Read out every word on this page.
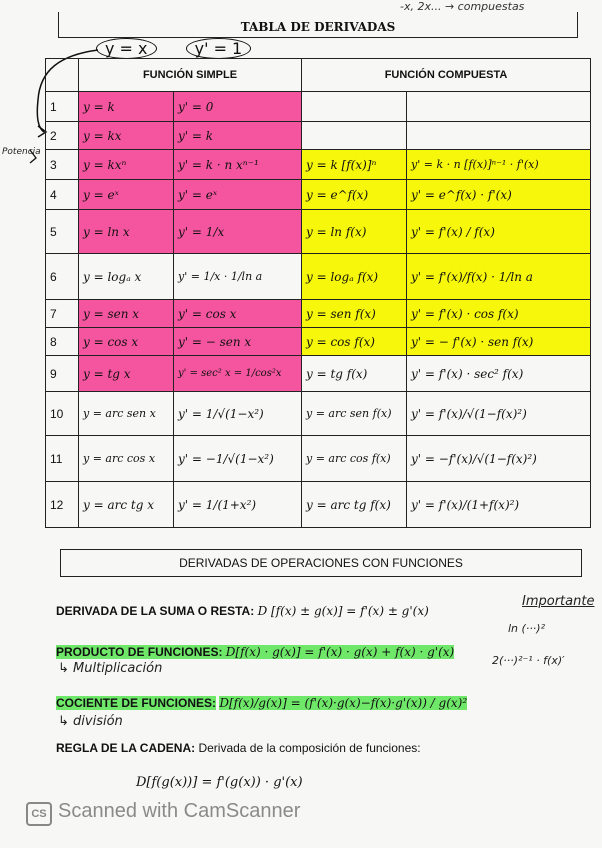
-x, 2x... → compuestas
TABLA DE DERIVADAS
y = x	y' = 1
Potencia
	FUNCIÓN SIMPLE		FUNCIÓN COMPUESTA	
1	y = k	y' = 0		
2	y = kx	y' = k		
3	y = kxⁿ	y' = k · n xⁿ⁻¹	y = k [f(x)]ⁿ	y' = k · n [f(x)]ⁿ⁻¹ · f'(x)
4	y = eˣ	y' = eˣ	y = e^f(x)	y' = e^f(x) · f'(x)
5	y = ln x	y' = 1/x	y = ln f(x)	y' = f'(x) / f(x)
6	y = logₐ x	y' = 1/x · 1/ln a	y = logₐ f(x)	y' = f'(x)/f(x) · 1/ln a
7	y = sen x	y' = cos x	y = sen f(x)	y' = f'(x) · cos f(x)
8	y = cos x	y' = − sen x	y = cos f(x)	y' = − f'(x) · sen f(x)
9	y = tg x	y' = sec² x = 1/cos²x	y = tg f(x)	y' = f'(x) · sec² f(x)
10	y = arc sen x	y' = 1/√(1−x²)	y = arc sen f(x)	y' = f'(x)/√(1−f(x)²)
11	y = arc cos x	y' = −1/√(1−x²)	y = arc cos f(x)	y' = −f'(x)/√(1−f(x)²)
12	y = arc tg x	y' = 1/(1+x²)	y = arc tg f(x)	y' = f'(x)/(1+f(x)²)
DERIVADAS DE OPERACIONES CON FUNCIONES
DERIVADA DE LA SUMA O RESTA: D [f(x) ± g(x)] = f'(x) ± g'(x)
PRODUCTO DE FUNCIONES: D[f(x) · g(x)] = f'(x) · g(x) + f(x) · g'(x)
↳ Multiplicación
COCIENTE DE FUNCIONES: D[f(x)/g(x)] = (f'(x)·g(x)−f(x)·g'(x)) / g(x)²
↳ división
REGLA DE LA CADENA: Derivada de la composición de funciones:
D[f(g(x))] = f'(g(x)) · g'(x)
Importante
ln (···)²
2(···)²⁻¹ · f(x)′
CS Scanned with CamScanner
